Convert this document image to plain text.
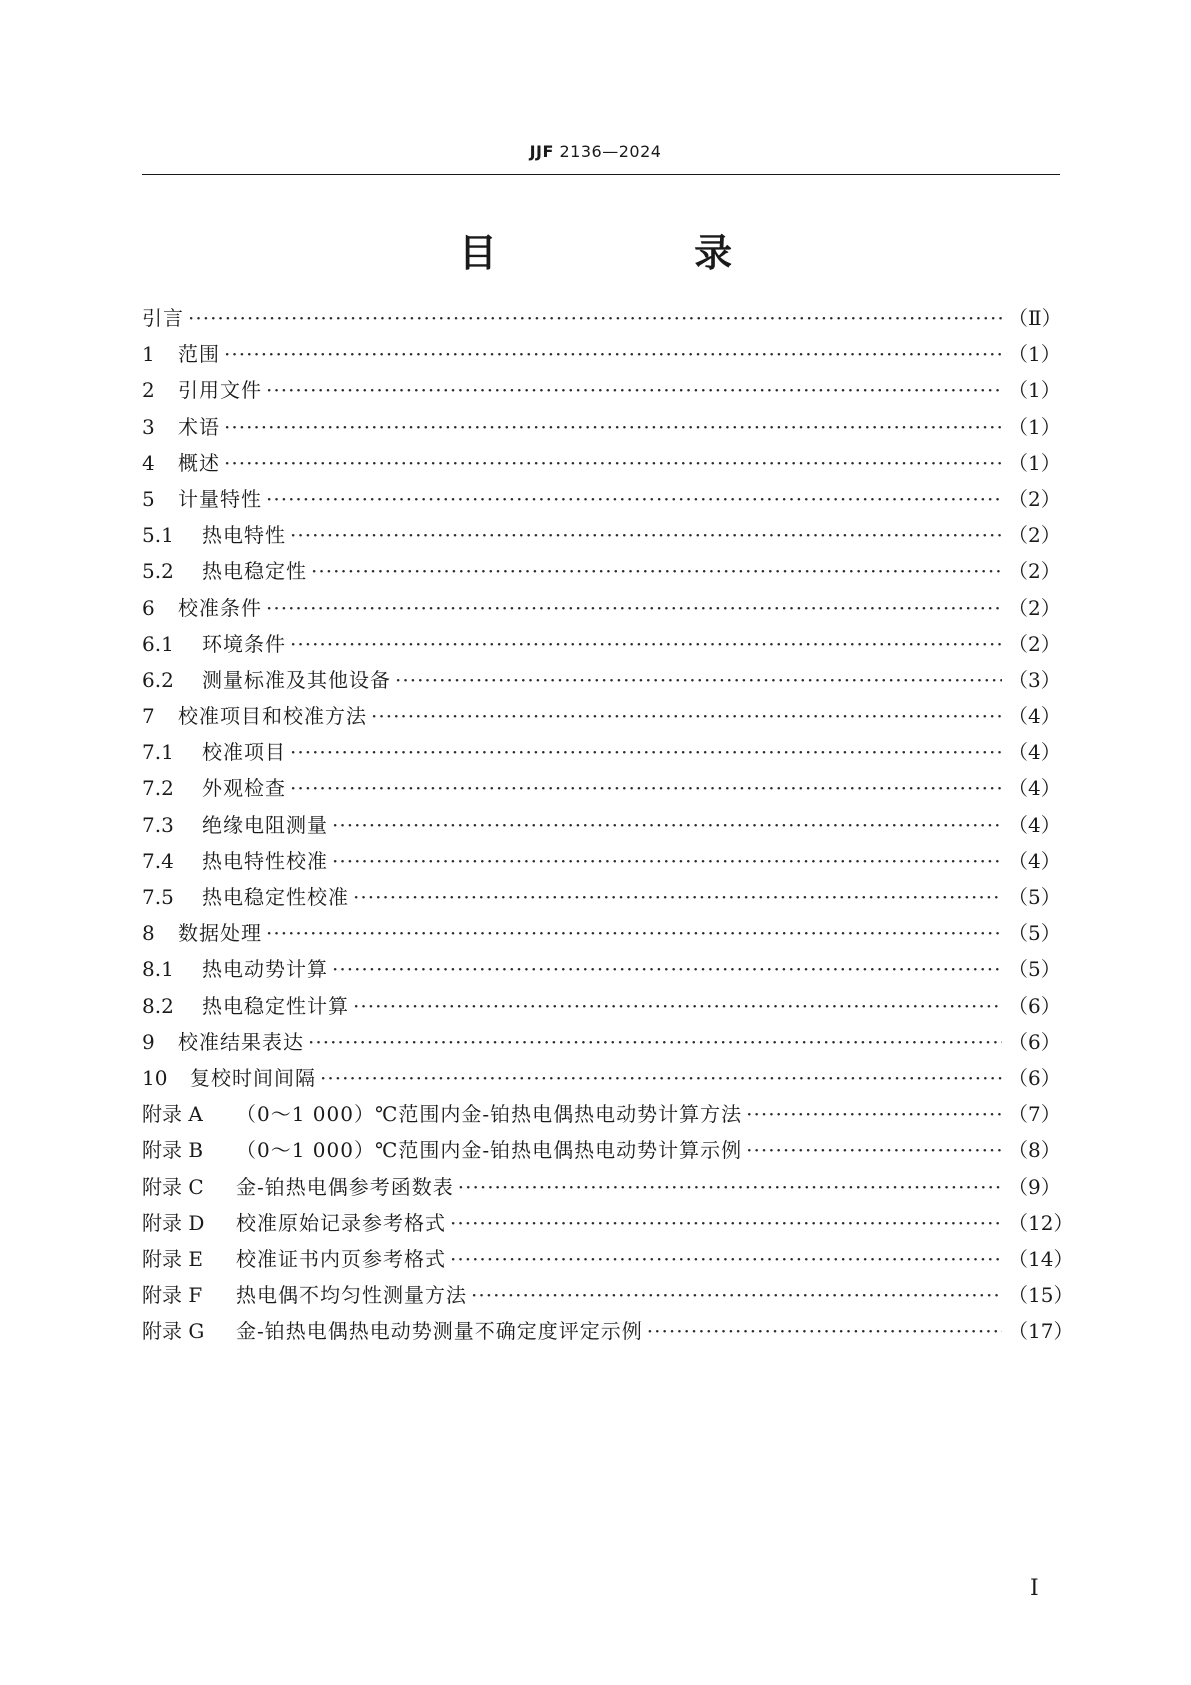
JJF 2136—2024
目 录
引言 ·····	（Ⅱ）
1	范围 ·····	（1）
2	引用文件 ·····	（1）
3	术语 ·····	（1）
4	概述 ·····	（1）
5	计量特性 ·····	（2）
5.1	热电特性 ·····	（2）
5.2	热电稳定性 ·····	（2）
6	校准条件 ·····	（2）
6.1	环境条件 ·····	（2）
6.2	测量标准及其他设备 ·····	（3）
7	校准项目和校准方法 ·····	（4）
7.1	校准项目 ·····	（4）
7.2	外观检查 ·····	（4）
7.3	绝缘电阻测量 ·····	（4）
7.4	热电特性校准 ·····	（4）
7.5	热电稳定性校准 ·····	（5）
8	数据处理 ·····	（5）
8.1	热电动势计算 ·····	（5）
8.2	热电稳定性计算 ·····	（6）
9	校准结果表达 ·····	（6）
10	复校时间间隔 ·····	（6）
附录 A	（0～1 000）℃范围内金-铂热电偶热电动势计算方法 ·····	（7）
附录 B	（0～1 000）℃范围内金-铂热电偶热电动势计算示例 ·····	（8）
附录 C	金-铂热电偶参考函数表 ·····	（9）
附录 D	校准原始记录参考格式 ·····	（12）
附录 E	校准证书内页参考格式 ·····	（14）
附录 F	热电偶不均匀性测量方法 ·····	（15）
附录 G	金-铂热电偶热电动势测量不确定度评定示例 ·····	（17）
Ⅰ
